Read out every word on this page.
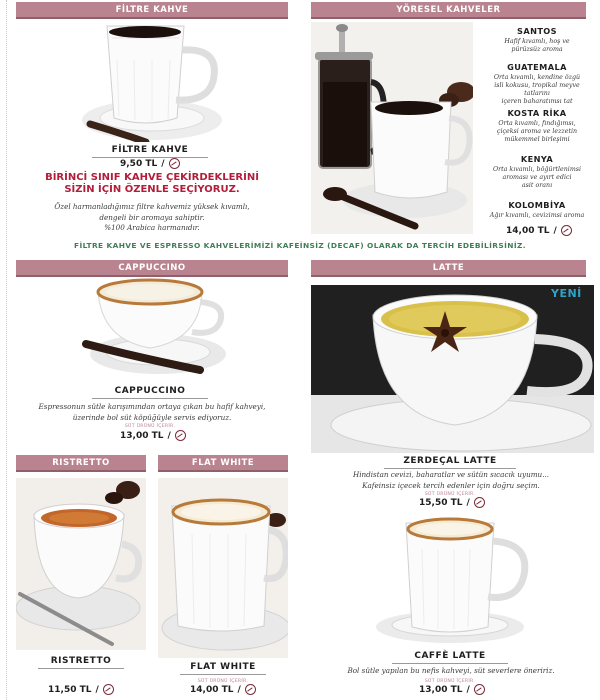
FİLTRE KAHVE
FİLTRE KAHVE
9,50 TL /
BİRİNCİ SINIF KAHVE ÇEKİRDEKLERİNİ
SİZİN İÇİN ÖZENLE SEÇİYORUZ.
Özel harmanladığımız filtre kahvemiz yüksek kıvamlı,
dengeli bir aromaya sahiptir.
%100 Arabica harmanıdır.
YÖRESEL KAHVELER
SANTOS
Hafif kıvamlı, hoş ve
pürüzsüz aroma
GUATEMALA
Orta kıvamlı, kendine özgü
isli kokusu, tropikal meyve tatlarını
içeren baharatımsı tat
KOSTA RİKA
Orta kıvamlı, fındığımsı,
çiçeksi aroma ve lezzetin
mükemmel birleşimi
KENYA
Orta kıvamlı, böğürtlenimsi
aroması ve ayırt edici
asit oranı
KOLOMBİYA
Ağır kıvamlı, cevizimsi aroma
14,00 TL /
FİLTRE KAHVE VE ESPRESSO KAHVELERİMİZİ KAFEİNSİZ (DECAF) OLARAK DA TERCİH EDEBİLİRSİNİZ.
CAPPUCCINO
CAPPUCCINO
Espressonun sütle karışımından ortaya çıkan bu hafif kahveyi,
üzerinde bol süt köpüğüyle servis ediyoruz.
SÜT ÜRÜNÜ İÇERİR.
13,00 TL /
LATTE
YENİ
ZERDEÇAL LATTE
Hindistan cevizi, baharatlar ve sütün sıcacık uyumu...
Kafeinsiz içecek tercih edenler için doğru seçim.
SÜT ÜRÜNÜ İÇERİR.
15,50 TL /
CAFFÈ LATTE
Bol sütle yapılan bu nefis kahveyi, süt severlere öneririz.
SÜT ÜRÜNÜ İÇERİR.
13,00 TL /
RISTRETTO
RISTRETTO
11,50 TL /
FLAT WHITE
FLAT WHITE
SÜT ÜRÜNÜ İÇERİR.
14,00 TL /
